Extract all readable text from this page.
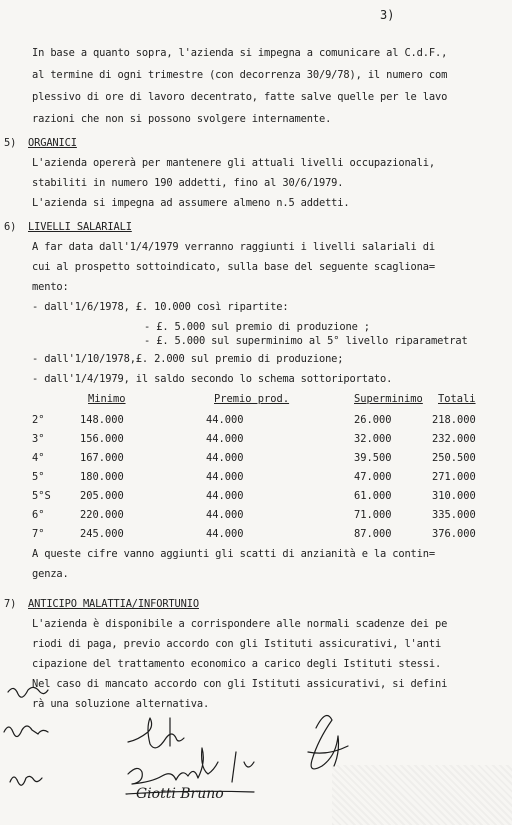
3)
In base a quanto sopra, l'azienda si impegna a comunicare al C.d.F.,
al termine di ogni trimestre (con decorrenza 30/9/78), il numero com
plessivo di ore di lavoro decentrato, fatte salve quelle per le lavo
razioni che non si possono svolgere internamente.
5) ORGANICI
L'azienda opererà per mantenere gli attuali livelli occupazionali,
stabiliti in numero 190 addetti, fino al 30/6/1979.
L'azienda si impegna ad assumere almeno n.5 addetti.
6) LIVELLI SALARIALI
A far data dall'1/4/1979 verranno raggiunti i livelli salariali di
cui al prospetto sottoindicato, sulla base del seguente scagliona=
mento:
- dall'1/6/1978, £. 10.000 così ripartite:
- £. 5.000 sul premio di produzione ;
- £. 5.000 sul superminimo al 5° livello riparametrat
- dall'1/10/1978,£. 2.000 sul premio di produzione;
- dall'1/4/1979, il saldo secondo lo schema sottoriportato.
Minimo	Premio prod.	Superminimo Totali
2°	148.000	44.000	26.000	218.000
3°	156.000	44.000	32.000	232.000
4°	167.000	44.000	39.500	250.500
5°	180.000	44.000	47.000	271.000
5°S	205.000	44.000	61.000	310.000
6°	220.000	44.000	71.000	335.000
7°	245.000	44.000	87.000	376.000
A queste cifre vanno aggiunti gli scatti di anzianità e la contin=
genza.
7) ANTICIPO MALATTIA/INFORTUNIO
L'azienda è disponibile a corrispondere alle normali scadenze dei pe
riodi di paga, previo accordo con gli Istituti assicurativi, l'anti
cipazione del trattamento economico a carico degli Istituti stessi.
Nel caso di mancato accordo con gli Istituti assicurativi, si defini
rà una soluzione alternativa.
Giotti Bruno
